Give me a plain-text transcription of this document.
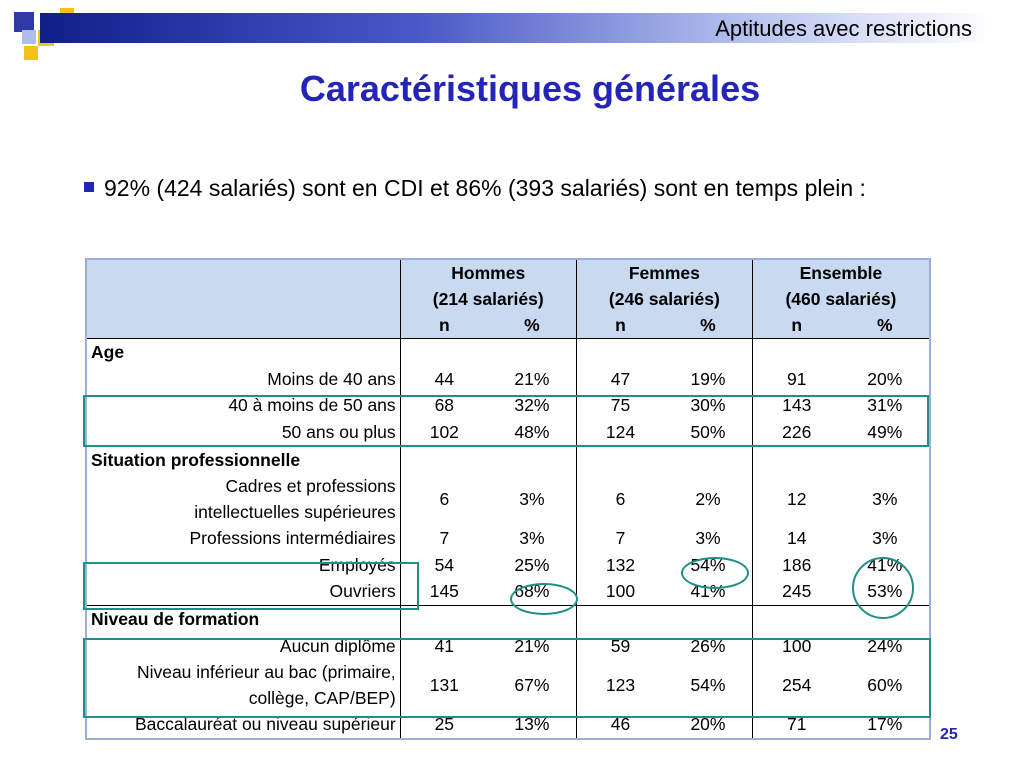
Aptitudes avec restrictions
Caractéristiques générales
92% (424 salariés) sont en CDI et 86% (393 salariés) sont en temps plein :
	Hommes		Femmes		Ensemble	
	(214 salariés)		(246 salariés)		(460 salariés)	
	n	%	n	%	n	%
Age						
Moins de 40 ans	44	21%	47	19%	91	20%
40 à moins de 50 ans	68	32%	75	30%	143	31%
50 ans ou plus	102	48%	124	50%	226	49%
Situation professionnelle						
Cadres et professions
intellectuelles supérieures	6	3%	6	2%	12	3%
Professions intermédiaires	7	3%	7	3%	14	3%
Employés	54	25%	132	54%	186	41%
Ouvriers	145	68%	100	41%	245	53%
Niveau de formation						
Aucun diplôme	41	21%	59	26%	100	24%
Niveau inférieur au bac (primaire,
collège, CAP/BEP)	131	67%	123	54%	254	60%
Baccalauréat ou niveau supérieur	25	13%	46	20%	71	17%
25
